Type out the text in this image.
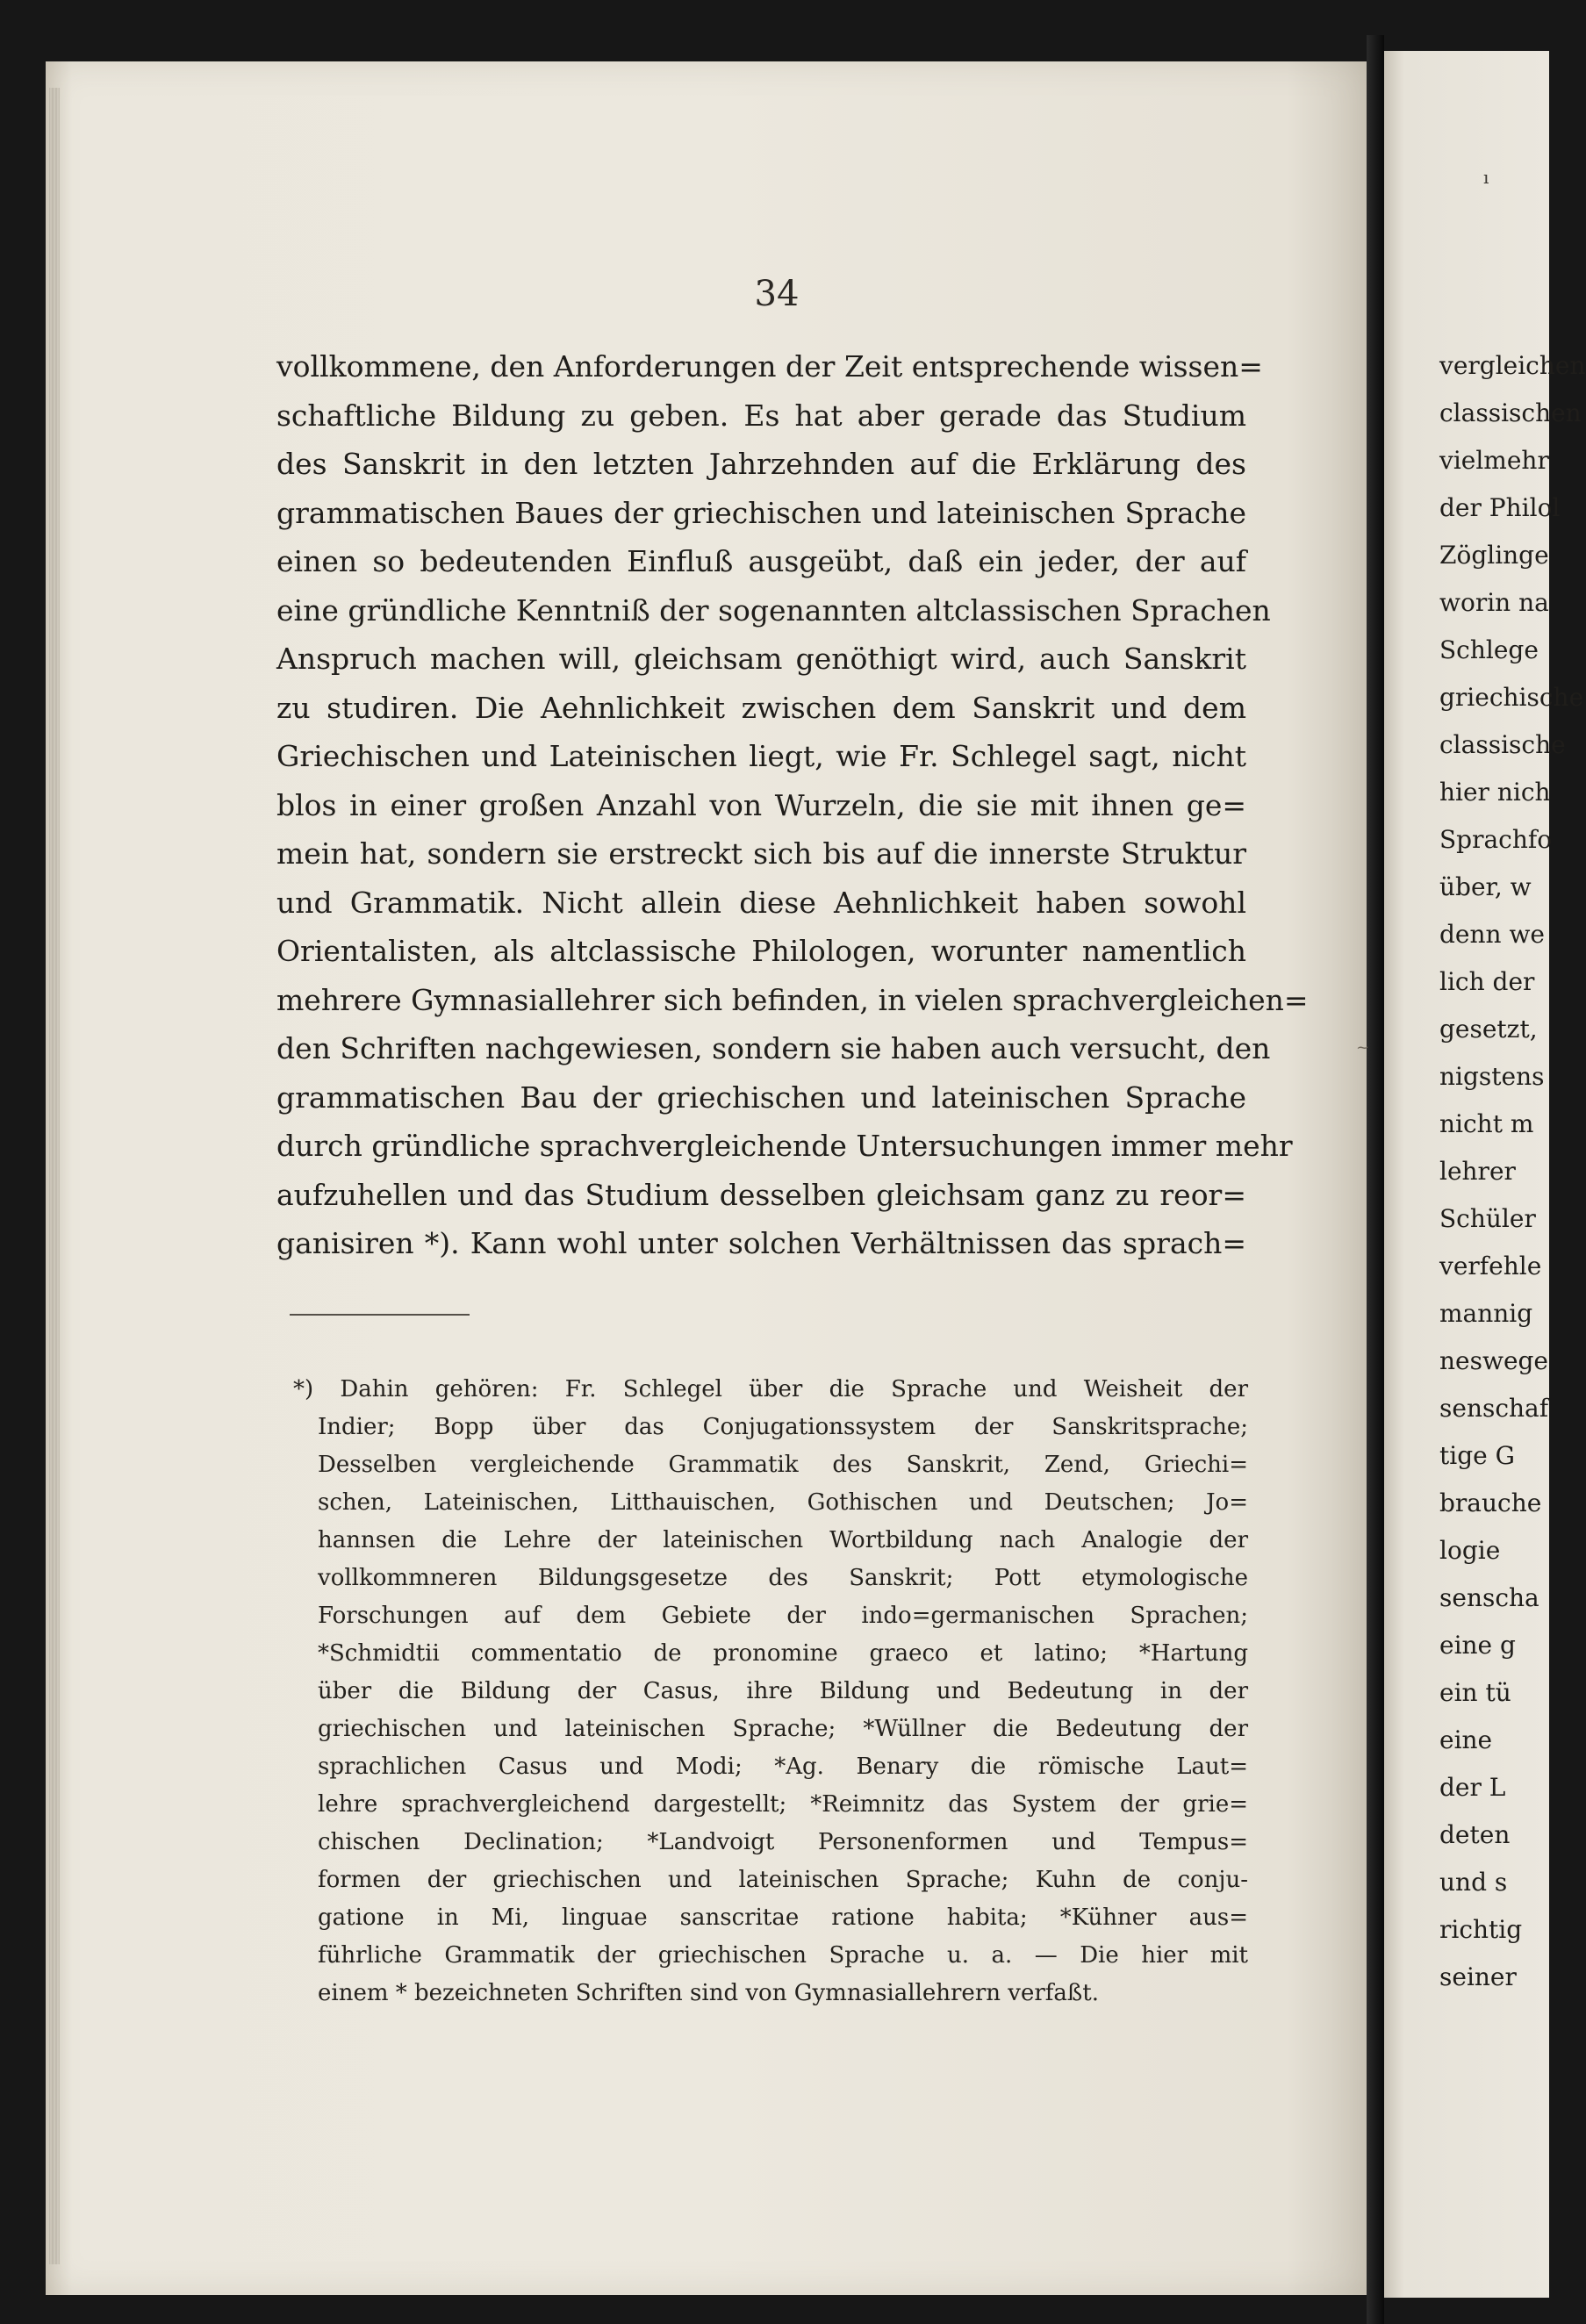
34
vollkommene, den Anforderungen der Zeit entsprechende wissen=
schaftliche Bildung zu geben. Es hat aber gerade das Studium
des Sanskrit in den letzten Jahrzehnden auf die Erklärung des
grammatischen Baues der griechischen und lateinischen Sprache
einen so bedeutenden Einfluß ausgeübt, daß ein jeder, der auf
eine gründliche Kenntniß der sogenannten altclassischen Sprachen
Anspruch machen will, gleichsam genöthigt wird, auch Sanskrit
zu studiren. Die Aehnlichkeit zwischen dem Sanskrit und dem
Griechischen und Lateinischen liegt, wie Fr. Schlegel sagt, nicht
blos in einer großen Anzahl von Wurzeln, die sie mit ihnen ge=
mein hat, sondern sie erstreckt sich bis auf die innerste Struktur
und Grammatik. Nicht allein diese Aehnlichkeit haben sowohl
Orientalisten, als altclassische Philologen, worunter namentlich
mehrere Gymnasiallehrer sich befinden, in vielen sprachvergleichen=
den Schriften nachgewiesen, sondern sie haben auch versucht, den
grammatischen Bau der griechischen und lateinischen Sprache
durch gründliche sprachvergleichende Untersuchungen immer mehr
aufzuhellen und das Studium desselben gleichsam ganz zu reor=
ganisiren *). Kann wohl unter solchen Verhältnissen das sprach=
*) Dahin gehören: Fr. Schlegel über die Sprache und Weisheit der
Indier; Bopp über das Conjugationssystem der Sanskritsprache;
Desselben vergleichende Grammatik des Sanskrit, Zend, Griechi=
schen, Lateinischen, Litthauischen, Gothischen und Deutschen; Jo=
hannsen die Lehre der lateinischen Wortbildung nach Analogie der
vollkommneren Bildungsgesetze des Sanskrit; Pott etymologische
Forschungen auf dem Gebiete der indo=germanischen Sprachen;
*Schmidtii commentatio de pronomine graeco et latino; *Hartung
über die Bildung der Casus, ihre Bildung und Bedeutung in der
griechischen und lateinischen Sprache; *Wüllner die Bedeutung der
sprachlichen Casus und Modi; *Ag. Benary die römische Laut=
lehre sprachvergleichend dargestellt; *Reimnitz das System der grie=
chischen Declination; *Landvoigt Personenformen und Tempus=
formen der griechischen und lateinischen Sprache; Kuhn de conju-
gatione in Mi, linguae sanscritae ratione habita; *Kühner aus=
führliche Grammatik der griechischen Sprache u. a. — Die hier mit
einem * bezeichneten Schriften sind von Gymnasiallehrern verfaßt.
ı
~
vergleichen
classischen
vielmehr
der Philol
Zöglinge
worin na
Schlege
griechische
classische
hier nich
Sprachfo
über, w
denn we
lich der
gesetzt,
nigstens
nicht m
lehrer
Schüler
verfehle
mannig
neswege
senschaf
tige G
brauche
logie
senscha
eine g
ein tü
eine
der L
deten
und s
richtig
seiner
